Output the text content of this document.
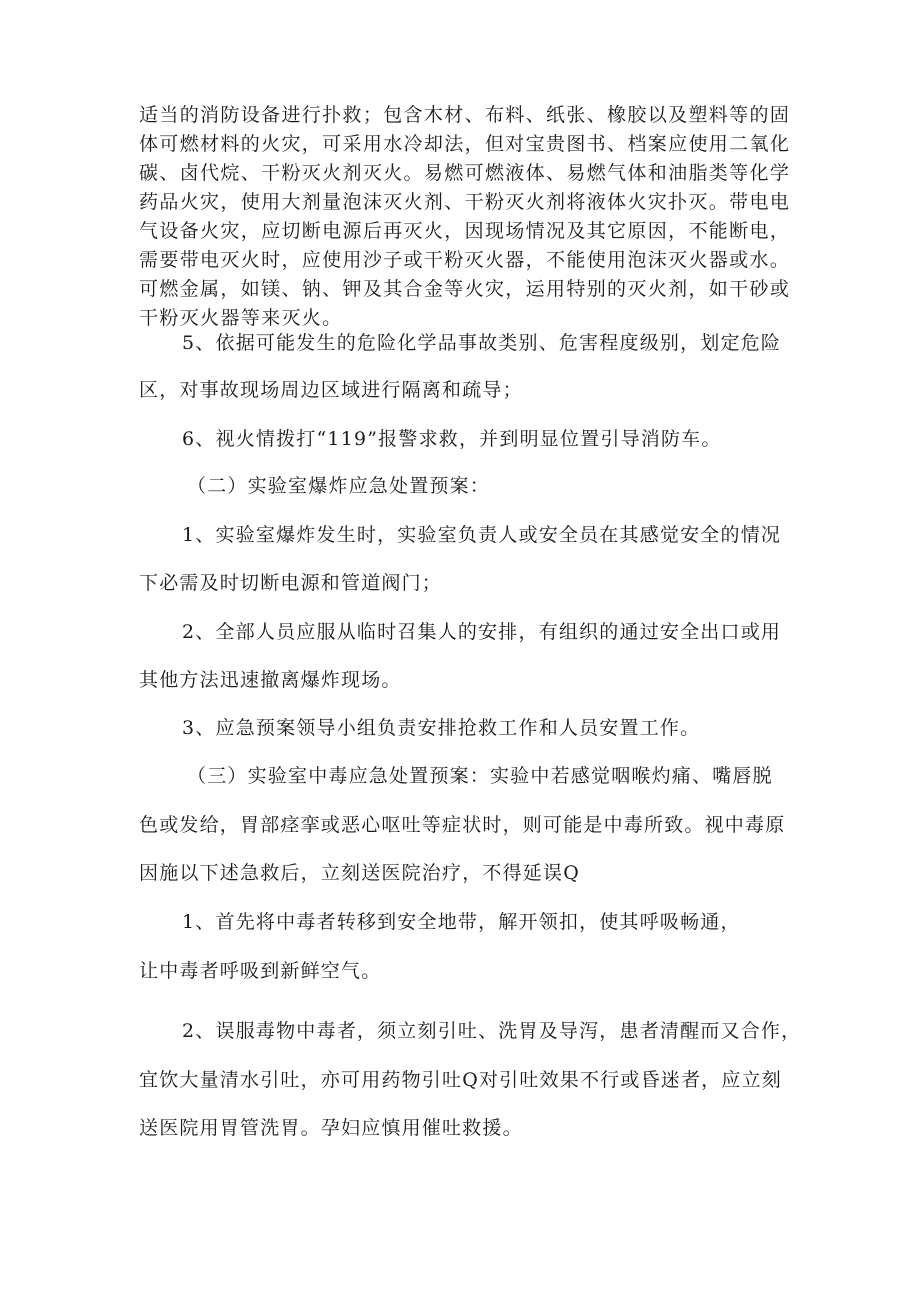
适当的消防设备进行扑救；包含木材、布料、纸张、橡胶以及塑料等的固
体可燃材料的火灾，可采用水冷却法，但对宝贵图书、档案应使用二氧化
碳、卤代烷、干粉灭火剂灭火。易燃可燃液体、易燃气体和油脂类等化学
药品火灾，使用大剂量泡沫灭火剂、干粉灭火剂将液体火灾扑灭。带电电
气设备火灾，应切断电源后再灭火，因现场情况及其它原因，不能断电，
需要带电灭火时，应使用沙子或干粉灭火器，不能使用泡沫灭火器或水。
可燃金属，如镁、钠、钾及其合金等火灾，运用特别的灭火剂，如干砂或
干粉灭火器等来灭火。
5、依据可能发生的危险化学品事故类别、危害程度级别，划定危险
区，对事故现场周边区域进行隔离和疏导；
6、视火情拨打“119”报警求救，并到明显位置引导消防车。
（二）实验室爆炸应急处置预案：
1、实验室爆炸发生时，实验室负责人或安全员在其感觉安全的情况
下必需及时切断电源和管道阀门；
2、全部人员应服从临时召集人的安排，有组织的通过安全出口或用
其他方法迅速撤离爆炸现场。
3、应急预案领导小组负责安排抢救工作和人员安置工作。
（三）实验室中毒应急处置预案：实验中若感觉咽喉灼痛、嘴唇脱
色或发给，胃部痉挛或恶心呕吐等症状时，则可能是中毒所致。视中毒原
因施以下述急救后，立刻送医院治疗，不得延误Q
1、首先将中毒者转移到安全地带，解开领扣，使其呼吸畅通，
让中毒者呼吸到新鲜空气。
2、误服毒物中毒者，须立刻引吐、洗胃及导泻，患者清醒而又合作，
宜饮大量清水引吐，亦可用药物引吐Q对引吐效果不行或昏迷者，应立刻
送医院用胃管洗胃。孕妇应慎用催吐救援。
